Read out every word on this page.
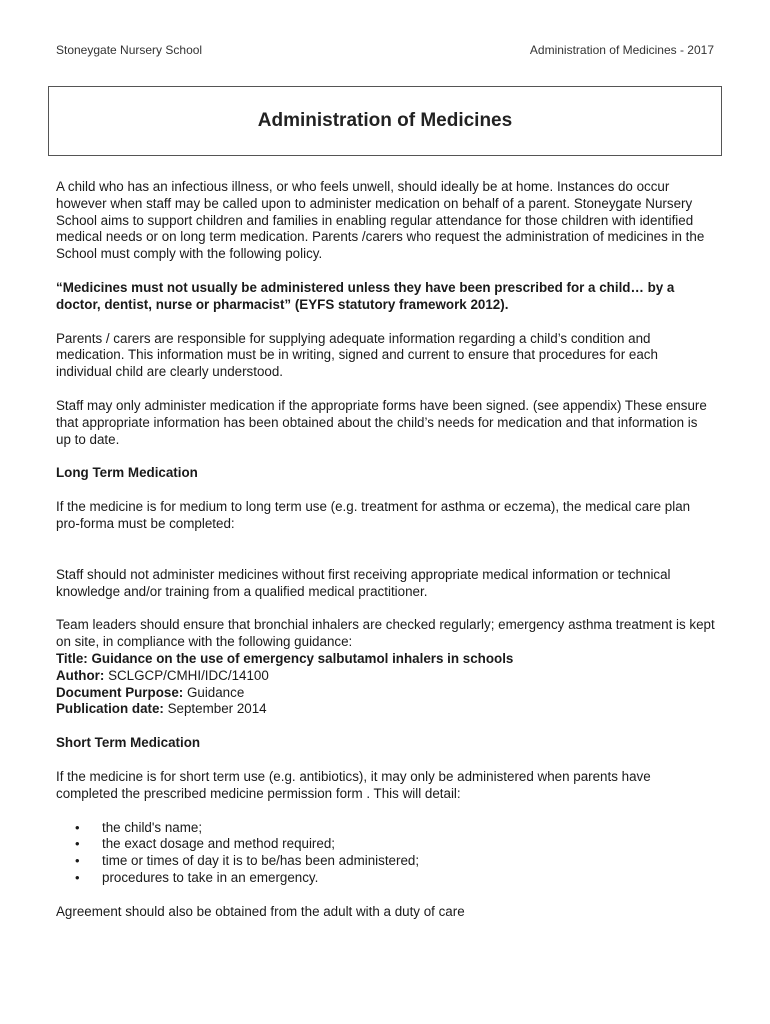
Stoneygate Nursery School	Administration of Medicines - 2017
Administration of Medicines

A child who has an infectious illness, or who feels unwell, should ideally be at home. Instances do occur however when staff may be called upon to administer medication on behalf of a parent. Stoneygate Nursery School aims to support children and families in enabling regular attendance for those children with identified medical needs or on long term medication. Parents /carers who request the administration of medicines in the School must comply with the following policy.

“Medicines must not usually be administered unless they have been prescribed for a child… by a doctor, dentist, nurse or pharmacist” (EYFS statutory framework 2012).

Parents / carers are responsible for supplying adequate information regarding a child’s condition and medication. This information must be in writing, signed and current to ensure that procedures for each individual child are clearly understood.

Staff may only administer medication if the appropriate forms have been signed. (see appendix) These ensure that appropriate information has been obtained about the child’s needs for medication and that information is up to date.

Long Term Medication

If the medicine is for medium to long term use (e.g. treatment for asthma or eczema), the medical care plan pro-forma must be completed:

Staff should not administer medicines without first receiving appropriate medical information or technical knowledge and/or training from a qualified medical practitioner.

Team leaders should ensure that bronchial inhalers are checked regularly; emergency asthma treatment is kept on site, in compliance with the following guidance:

Title: Guidance on the use of emergency salbutamol inhalers in schools

Author: SCLGCP/CMHI/IDC/14100

Document Purpose: Guidance

Publication date: September 2014

Short Term Medication

If the medicine is for short term use (e.g. antibiotics), it may only be administered when parents have completed the prescribed medicine permission form . This will detail:

• the child's name;
• the exact dosage and method required;
• time or times of day it is to be/has been administered;
• procedures to take in an emergency.

Agreement should also be obtained from the adult with a duty of care
